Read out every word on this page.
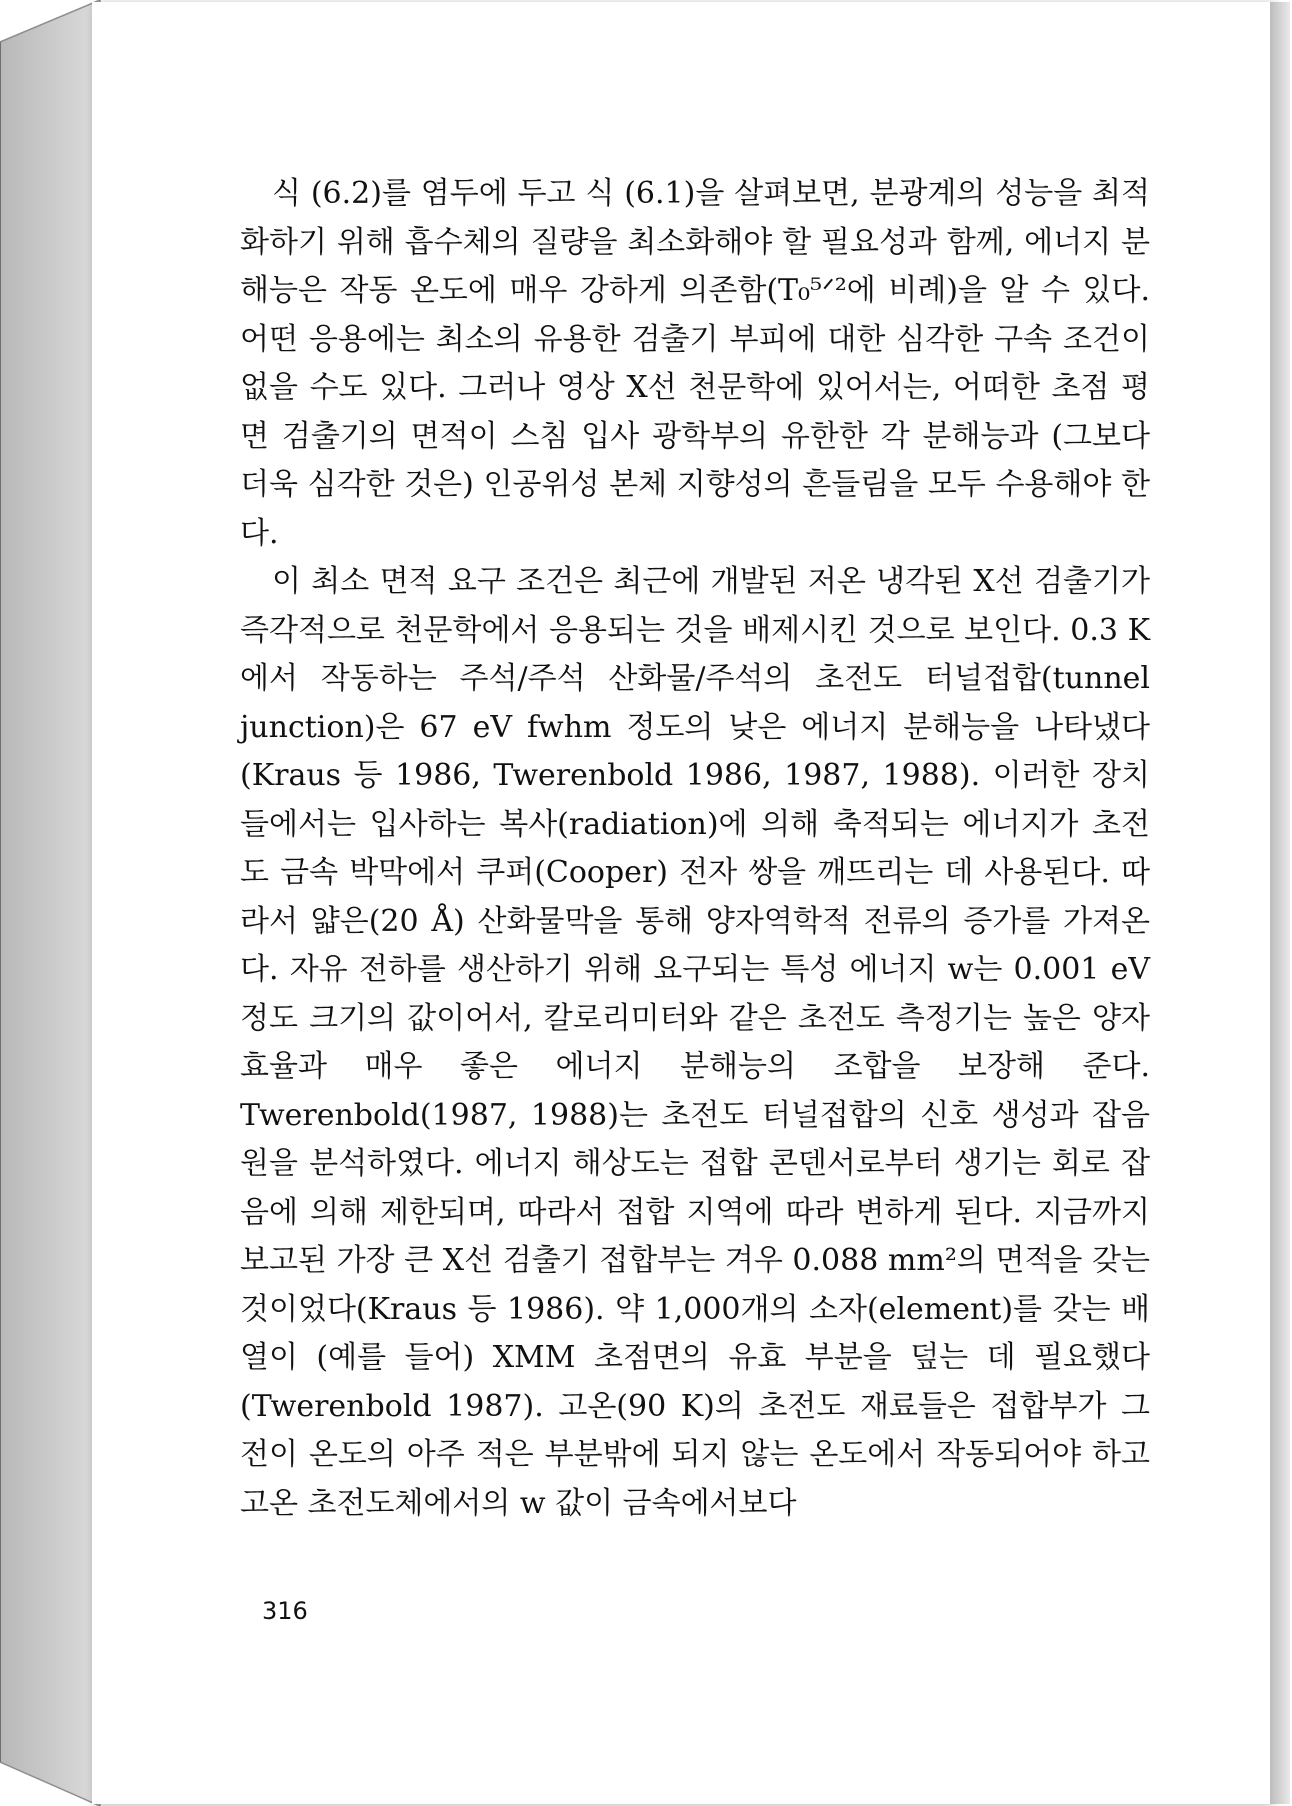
식 (6.2)를 염두에 두고 식 (6.1)을 살펴보면, 분광계의 성능을 최적화하기 위해 흡수체의 질량을 최소화해야 할 필요성과 함께, 에너지 분해능은 작동 온도에 매우 강하게 의존함(T₀⁵ᐟ²에 비례)을 알 수 있다. 어떤 응용에는 최소의 유용한 검출기 부피에 대한 심각한 구속 조건이 없을 수도 있다. 그러나 영상 X선 천문학에 있어서는, 어떠한 초점 평면 검출기의 면적이 스침 입사 광학부의 유한한 각 분해능과 (그보다 더욱 심각한 것은) 인공위성 본체 지향성의 흔들림을 모두 수용해야 한다.

이 최소 면적 요구 조건은 최근에 개발된 저온 냉각된 X선 검출기가 즉각적으로 천문학에서 응용되는 것을 배제시킨 것으로 보인다. 0.3 K에서 작동하는 주석/주석 산화물/주석의 초전도 터널접합(tunnel junction)은 67 eV fwhm 정도의 낮은 에너지 분해능을 나타냈다 (Kraus 등 1986, Twerenbold 1986, 1987, 1988). 이러한 장치들에서는 입사하는 복사(radiation)에 의해 축적되는 에너지가 초전도 금속 박막에서 쿠퍼(Cooper) 전자 쌍을 깨뜨리는 데 사용된다. 따라서 얇은(20 Å) 산화물막을 통해 양자역학적 전류의 증가를 가져온다. 자유 전하를 생산하기 위해 요구되는 특성 에너지 w는 0.001 eV 정도 크기의 값이어서, 칼로리미터와 같은 초전도 측정기는 높은 양자 효율과 매우 좋은 에너지 분해능의 조합을 보장해 준다. Twerenbold(1987, 1988)는 초전도 터널접합의 신호 생성과 잡음원을 분석하였다. 에너지 해상도는 접합 콘덴서로부터 생기는 회로 잡음에 의해 제한되며, 따라서 접합 지역에 따라 변하게 된다. 지금까지 보고된 가장 큰 X선 검출기 접합부는 겨우 0.088 mm²의 면적을 갖는 것이었다(Kraus 등 1986). 약 1,000개의 소자(element)를 갖는 배열이 (예를 들어) XMM 초점면의 유효 부분을 덮는 데 필요했다(Twerenbold 1987). 고온(90 K)의 초전도 재료들은 접합부가 그 전이 온도의 아주 적은 부분밖에 되지 않는 온도에서 작동되어야 하고 고온 초전도체에서의 w 값이 금속에서보다

316
